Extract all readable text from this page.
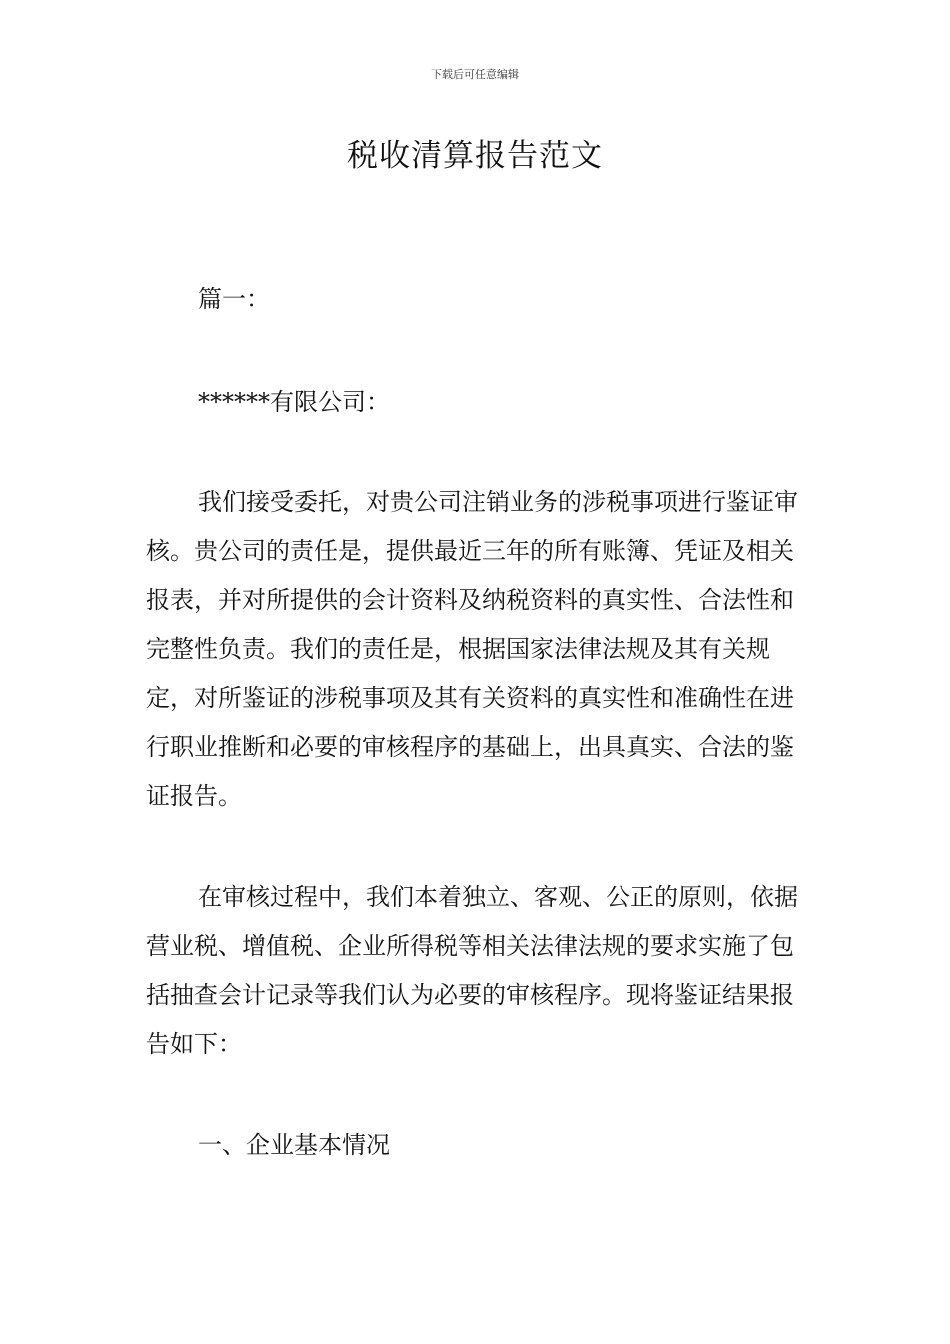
下载后可任意编辑
税收清算报告范文

篇一：

******有限公司：

我们接受委托，对贵公司注销业务的涉税事项进行鉴证审核。贵公司的责任是，提供最近三年的所有账簿、凭证及相关报表，并对所提供的会计资料及纳税资料的真实性、合法性和完整性负责。我们的责任是，根据国家法律法规及其有关规定，对所鉴证的涉税事项及其有关资料的真实性和准确性在进行职业推断和必要的审核程序的基础上，出具真实、合法的鉴证报告。

在审核过程中，我们本着独立、客观、公正的原则，依据营业税、增值税、企业所得税等相关法律法规的要求实施了包括抽查会计记录等我们认为必要的审核程序。现将鉴证结果报告如下：

一、企业基本情况
